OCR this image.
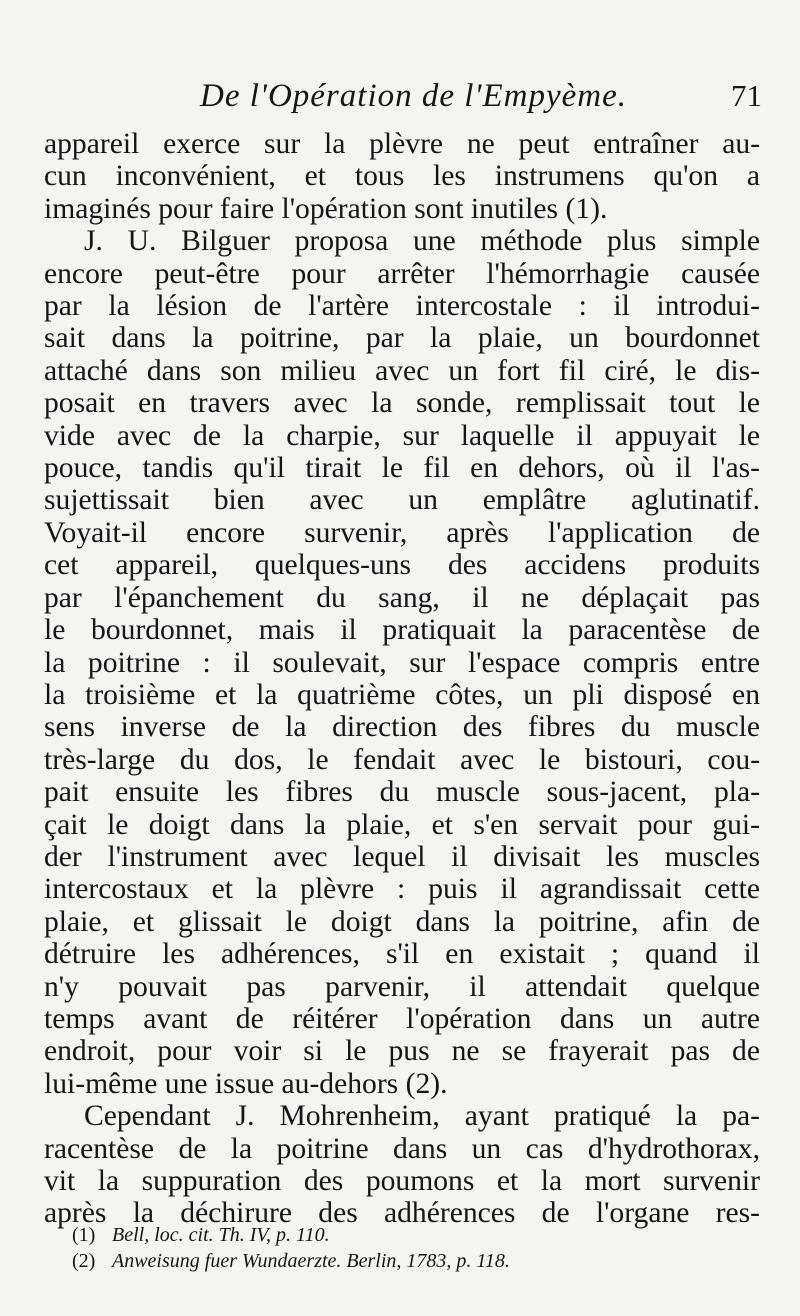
De l'Opération de l'Empyème.	71
appareil exerce sur la plèvre ne peut entraîner au-
cun inconvénient, et tous les instrumens qu'on a
imaginés pour faire l'opération sont inutiles (1).
J. U. Bilguer proposa une méthode plus simple
encore peut-être pour arrêter l'hémorrhagie causée
par la lésion de l'artère intercostale : il introdui-
sait dans la poitrine, par la plaie, un bourdonnet
attaché dans son milieu avec un fort fil ciré, le dis-
posait en travers avec la sonde, remplissait tout le
vide avec de la charpie, sur laquelle il appuyait le
pouce, tandis qu'il tirait le fil en dehors, où il l'as-
sujettissait bien avec un emplâtre aglutinatif.
Voyait-il encore survenir, après l'application de
cet appareil, quelques-uns des accidens produits
par l'épanchement du sang, il ne déplaçait pas
le bourdonnet, mais il pratiquait la paracentèse de
la poitrine : il soulevait, sur l'espace compris entre
la troisième et la quatrième côtes, un pli disposé en
sens inverse de la direction des fibres du muscle
très-large du dos, le fendait avec le bistouri, cou-
pait ensuite les fibres du muscle sous-jacent, pla-
çait le doigt dans la plaie, et s'en servait pour gui-
der l'instrument avec lequel il divisait les muscles
intercostaux et la plèvre : puis il agrandissait cette
plaie, et glissait le doigt dans la poitrine, afin de
détruire les adhérences, s'il en existait ; quand il
n'y pouvait pas parvenir, il attendait quelque
temps avant de réitérer l'opération dans un autre
endroit, pour voir si le pus ne se frayerait pas de
lui-même une issue au-dehors (2).
Cependant J. Mohrenheim, ayant pratiqué la pa-
racentèse de la poitrine dans un cas d'hydrothorax,
vit la suppuration des poumons et la mort survenir
après la déchirure des adhérences de l'organe res-
(1) Bell, loc. cit. Th. IV, p. 110.
(2) Anweisung fuer Wundaerzte. Berlin, 1783, p. 118.
